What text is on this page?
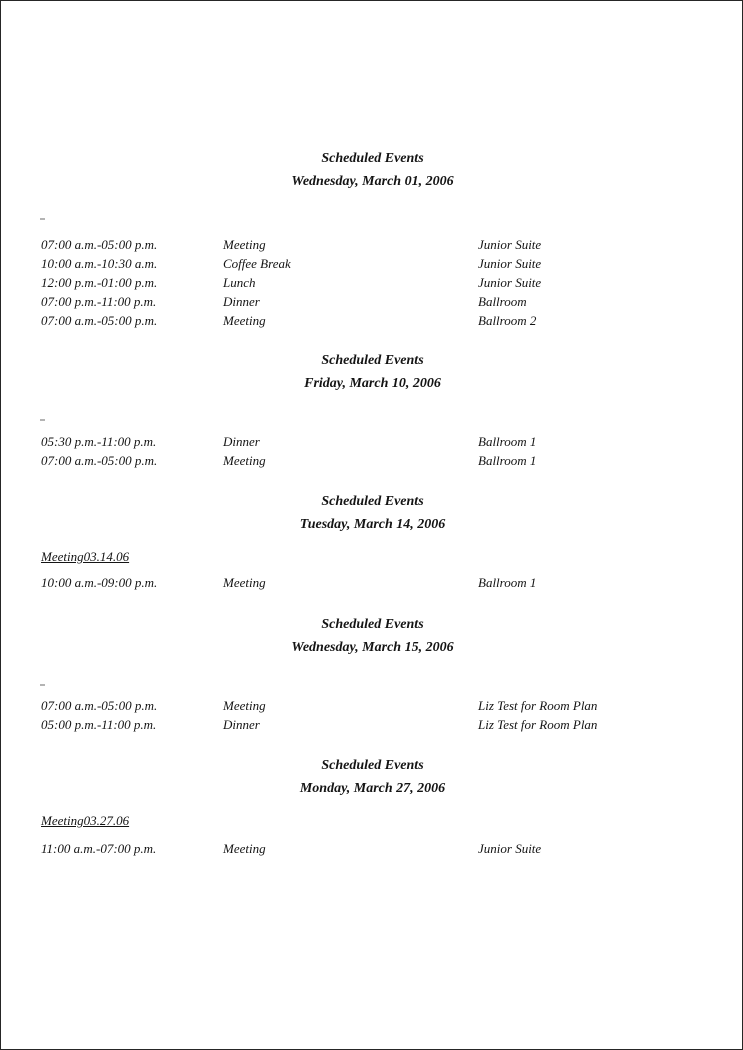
Scheduled Events
Wednesday, March 01, 2006
07:00 a.m.-05:00 p.m.	Meeting	Junior Suite
10:00 a.m.-10:30 a.m.	Coffee Break	Junior Suite
12:00 p.m.-01:00 p.m.	Lunch	Junior Suite
07:00 p.m.-11:00 p.m.	Dinner	Ballroom
07:00 a.m.-05:00 p.m.	Meeting	Ballroom 2
Scheduled Events
Friday, March 10, 2006
05:30 p.m.-11:00 p.m.	Dinner	Ballroom 1
07:00 a.m.-05:00 p.m.	Meeting	Ballroom 1
Scheduled Events
Tuesday, March 14, 2006
Meeting03.14.06
10:00 a.m.-09:00 p.m.	Meeting	Ballroom 1
Scheduled Events
Wednesday, March 15, 2006
07:00 a.m.-05:00 p.m.	Meeting	Liz Test for Room Plan
05:00 p.m.-11:00 p.m.	Dinner	Liz Test for Room Plan
Scheduled Events
Monday, March 27, 2006
Meeting03.27.06
11:00 a.m.-07:00 p.m.	Meeting	Junior Suite
